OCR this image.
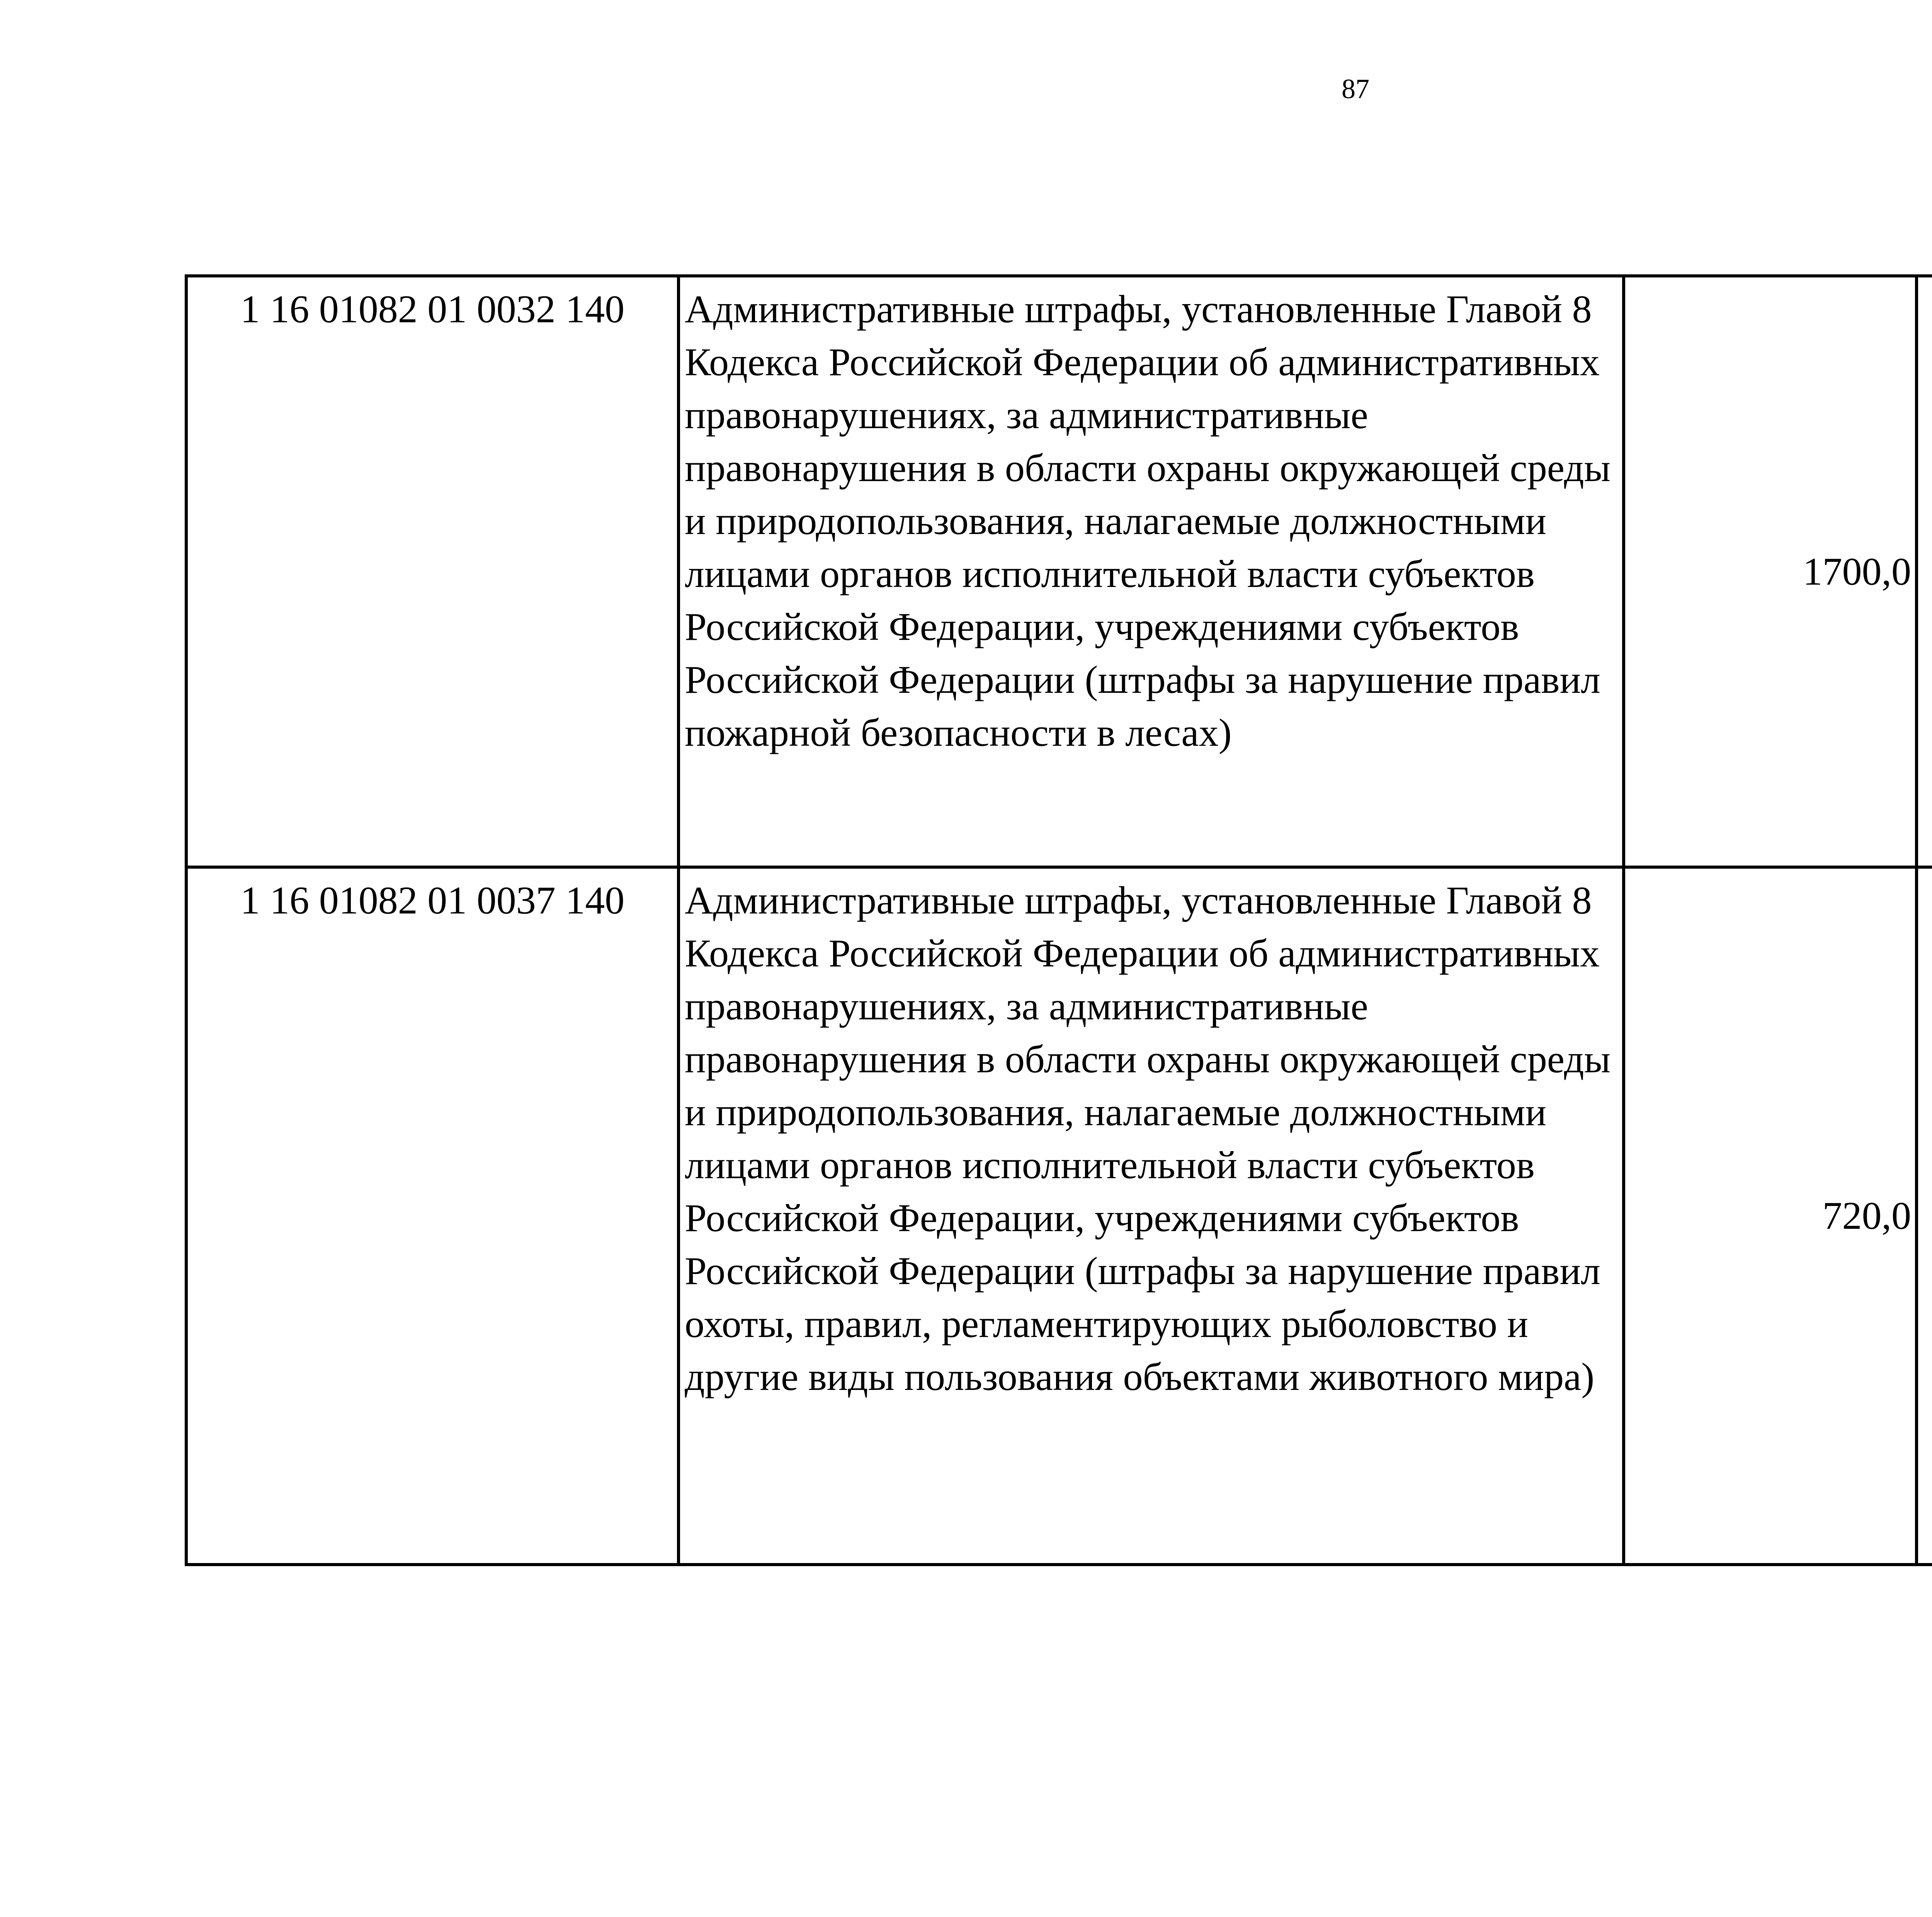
87
1 16 01082 01 0032 140	Административные штрафы, установленные Главой 8 Кодекса Российской Федерации об административных правонарушениях, за административные правонарушения в области охраны окружающей среды и природопользования, налагаемые должностными лицами органов исполнительной власти субъектов Российской Федерации, учреждениями субъектов Российской Федерации (штрафы за нарушение правил пожарной безопасности в лесах)	1700,0		
1 16 01082 01 0037 140	Административные штрафы, установленные Главой 8 Кодекса Российской Федерации об административных правонарушениях, за административные правонарушения в области охраны окружающей среды и природопользования, налагаемые должностными лицами органов исполнительной власти субъектов Российской Федерации, учреждениями субъектов Российской Федерации (штрафы за нарушение правил охоты, правил, регламентирующих рыболовство и другие виды пользования объектами животного мира)	720,0		
